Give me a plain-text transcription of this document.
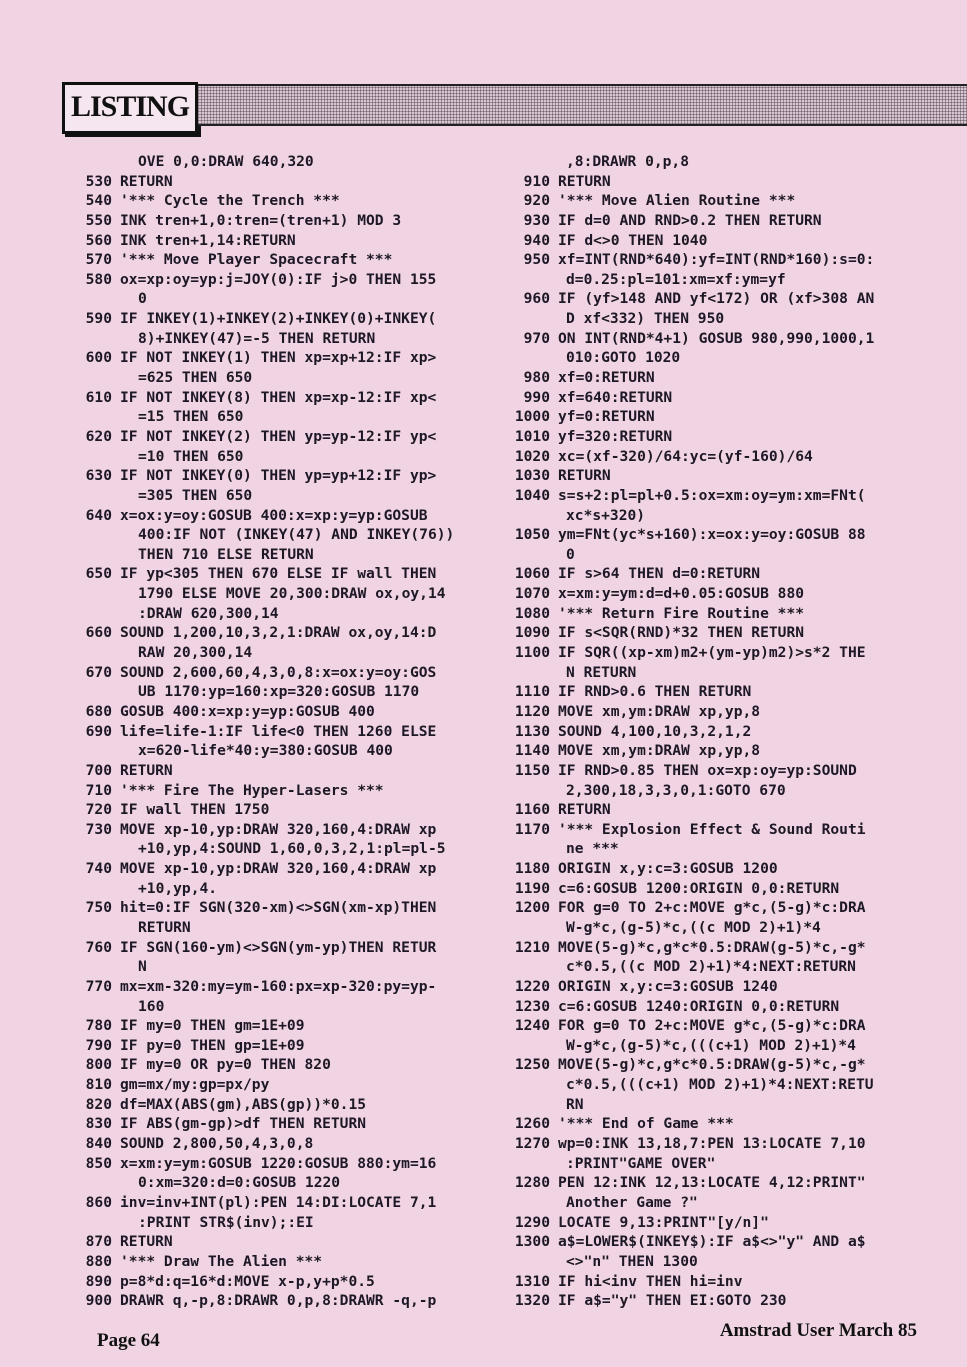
LISTING
OVE 0,0:DRAW 640,320
530 RETURN
540 '*** Cycle the Trench ***
550 INK tren+1,0:tren=(tren+1) MOD 3
560 INK tren+1,14:RETURN
570 '*** Move Player Spacecraft ***
580 ox=xp:oy=yp:j=JOY(0):IF j>0 THEN 155
0
590 IF INKEY(1)+INKEY(2)+INKEY(0)+INKEY(
8)+INKEY(47)=-5 THEN RETURN
600 IF NOT INKEY(1) THEN xp=xp+12:IF xp>
=625 THEN 650
610 IF NOT INKEY(8) THEN xp=xp-12:IF xp<
=15 THEN 650
620 IF NOT INKEY(2) THEN yp=yp-12:IF yp<
=10 THEN 650
630 IF NOT INKEY(0) THEN yp=yp+12:IF yp>
=305 THEN 650
640 x=ox:y=oy:GOSUB 400:x=xp:y=yp:GOSUB
400:IF NOT (INKEY(47) AND INKEY(76))
THEN 710 ELSE RETURN
650 IF yp<305 THEN 670 ELSE IF wall THEN
1790 ELSE MOVE 20,300:DRAW ox,oy,14
:DRAW 620,300,14
660 SOUND 1,200,10,3,2,1:DRAW ox,oy,14:D
RAW 20,300,14
670 SOUND 2,600,60,4,3,0,8:x=ox:y=oy:GOS
UB 1170:yp=160:xp=320:GOSUB 1170
680 GOSUB 400:x=xp:y=yp:GOSUB 400
690 life=life-1:IF life<0 THEN 1260 ELSE
x=620-life*40:y=380:GOSUB 400
700 RETURN
710 '*** Fire The Hyper-Lasers ***
720 IF wall THEN 1750
730 MOVE xp-10,yp:DRAW 320,160,4:DRAW xp
+10,yp,4:SOUND 1,60,0,3,2,1:pl=pl-5
740 MOVE xp-10,yp:DRAW 320,160,4:DRAW xp
+10,yp,4.
750 hit=0:IF SGN(320-xm)<>SGN(xm-xp)THEN
RETURN
760 IF SGN(160-ym)<>SGN(ym-yp)THEN RETUR
N
770 mx=xm-320:my=ym-160:px=xp-320:py=yp-
160
780 IF my=0 THEN gm=1E+09
790 IF py=0 THEN gp=1E+09
800 IF my=0 OR py=0 THEN 820
810 gm=mx/my:gp=px/py
820 df=MAX(ABS(gm),ABS(gp))*0.15
830 IF ABS(gm-gp)>df THEN RETURN
840 SOUND 2,800,50,4,3,0,8
850 x=xm:y=ym:GOSUB 1220:GOSUB 880:ym=16
0:xm=320:d=0:GOSUB 1220
860 inv=inv+INT(pl):PEN 14:DI:LOCATE 7,1
:PRINT STR$(inv);:EI
870 RETURN
880 '*** Draw The Alien ***
890 p=8*d:q=16*d:MOVE x-p,y+p*0.5
900 DRAWR q,-p,8:DRAWR 0,p,8:DRAWR -q,-p
,8:DRAWR 0,p,8
910 RETURN
920 '*** Move Alien Routine ***
930 IF d=0 AND RND>0.2 THEN RETURN
940 IF d<>0 THEN 1040
950 xf=INT(RND*640):yf=INT(RND*160):s=0:
d=0.25:pl=101:xm=xf:ym=yf
960 IF (yf>148 AND yf<172) OR (xf>308 AN
D xf<332) THEN 950
970 ON INT(RND*4+1) GOSUB 980,990,1000,1
010:GOTO 1020
980 xf=0:RETURN
990 xf=640:RETURN
1000 yf=0:RETURN
1010 yf=320:RETURN
1020 xc=(xf-320)/64:yc=(yf-160)/64
1030 RETURN
1040 s=s+2:pl=pl+0.5:ox=xm:oy=ym:xm=FNt(
xc*s+320)
1050 ym=FNt(yc*s+160):x=ox:y=oy:GOSUB 88
0
1060 IF s>64 THEN d=0:RETURN
1070 x=xm:y=ym:d=d+0.05:GOSUB 880
1080 '*** Return Fire Routine ***
1090 IF s<SQR(RND)*32 THEN RETURN
1100 IF SQR((xp-xm)m2+(ym-yp)m2)>s*2 THE
N RETURN
1110 IF RND>0.6 THEN RETURN
1120 MOVE xm,ym:DRAW xp,yp,8
1130 SOUND 4,100,10,3,2,1,2
1140 MOVE xm,ym:DRAW xp,yp,8
1150 IF RND>0.85 THEN ox=xp:oy=yp:SOUND
2,300,18,3,3,0,1:GOTO 670
1160 RETURN
1170 '*** Explosion Effect & Sound Routi
ne ***
1180 ORIGIN x,y:c=3:GOSUB 1200
1190 c=6:GOSUB 1200:ORIGIN 0,0:RETURN
1200 FOR g=0 TO 2+c:MOVE g*c,(5-g)*c:DRA
W-g*c,(g-5)*c,((c MOD 2)+1)*4
1210 MOVE(5-g)*c,g*c*0.5:DRAW(g-5)*c,-g*
c*0.5,((c MOD 2)+1)*4:NEXT:RETURN
1220 ORIGIN x,y:c=3:GOSUB 1240
1230 c=6:GOSUB 1240:ORIGIN 0,0:RETURN
1240 FOR g=0 TO 2+c:MOVE g*c,(5-g)*c:DRA
W-g*c,(g-5)*c,(((c+1) MOD 2)+1)*4
1250 MOVE(5-g)*c,g*c*0.5:DRAW(g-5)*c,-g*
c*0.5,(((c+1) MOD 2)+1)*4:NEXT:RETU
RN
1260 '*** End of Game ***
1270 wp=0:INK 13,18,7:PEN 13:LOCATE 7,10
:PRINT"GAME OVER"
1280 PEN 12:INK 12,13:LOCATE 4,12:PRINT"
Another Game ?"
1290 LOCATE 9,13:PRINT"[y/n]"
1300 a$=LOWER$(INKEY$):IF a$<>"y" AND a$
<>"n" THEN 1300
1310 IF hi<inv THEN hi=inv
1320 IF a$="y" THEN EI:GOTO 230
Page 64	Amstrad User March 85
